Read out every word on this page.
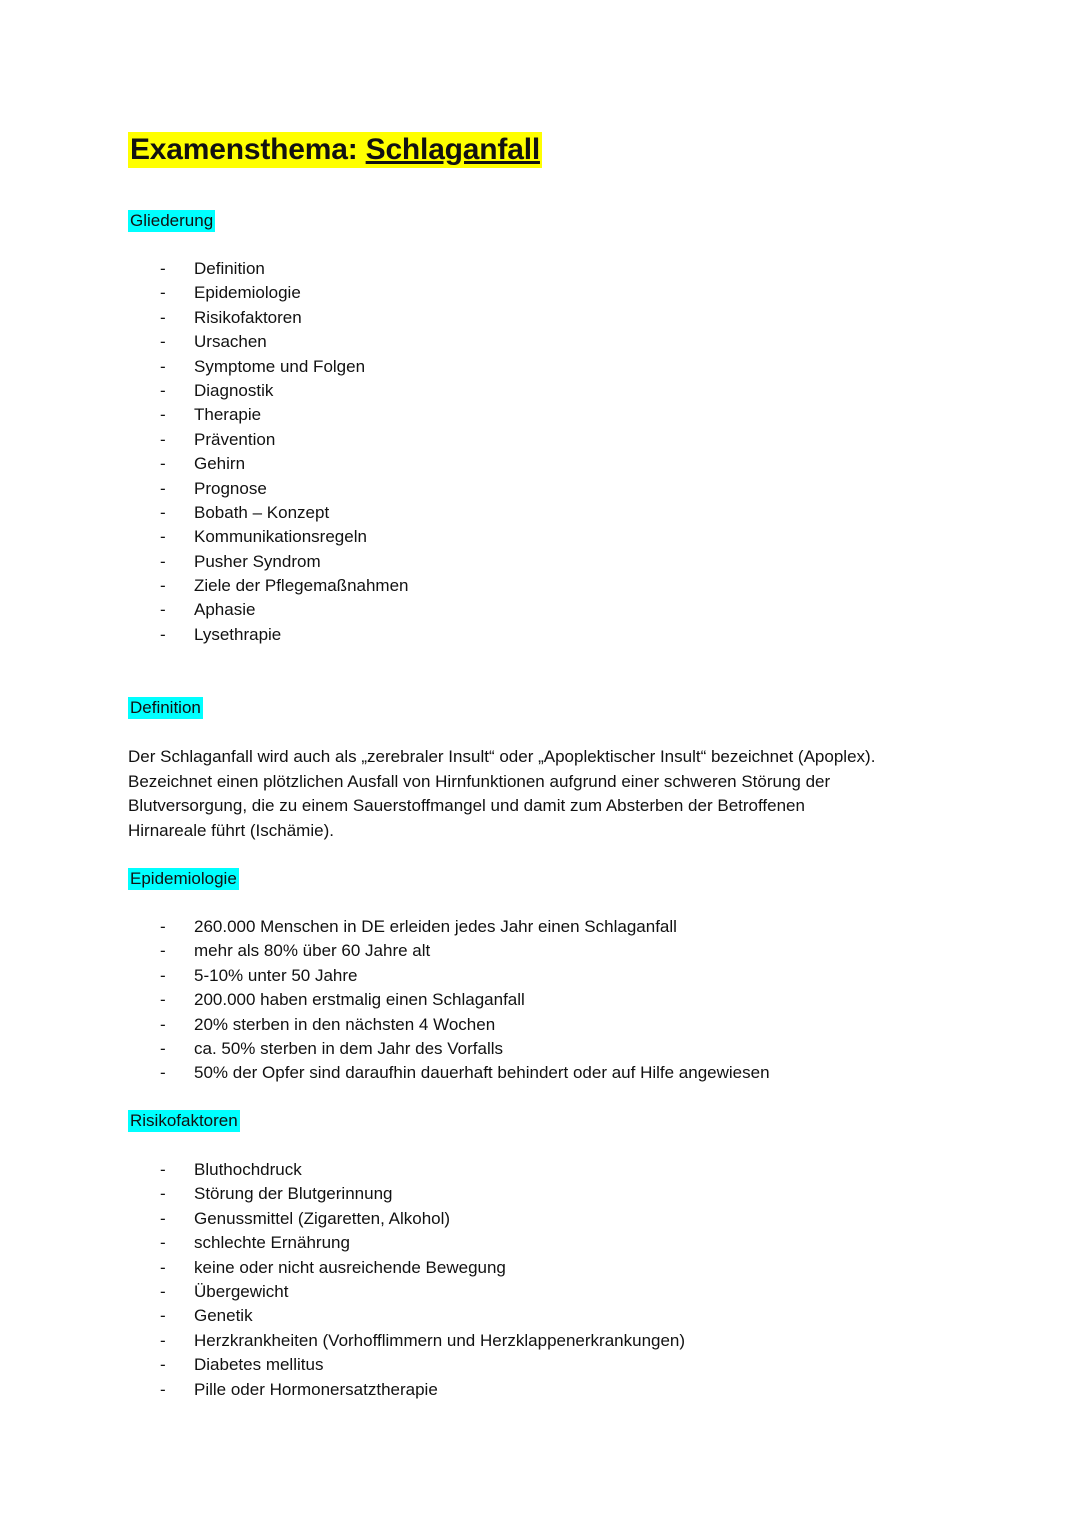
Examensthema: Schlaganfall
Gliederung
- Definition
- Epidemiologie
- Risikofaktoren
- Ursachen
- Symptome und Folgen
- Diagnostik
- Therapie
- Prävention
- Gehirn
- Prognose
- Bobath – Konzept
- Kommunikationsregeln
- Pusher Syndrom
- Ziele der Pflegemaßnahmen
- Aphasie
- Lysethrapie
Definition
Der Schlaganfall wird auch als „zerebraler Insult“ oder „Apoplektischer Insult“ bezeichnet (Apoplex).
Bezeichnet einen plötzlichen Ausfall von Hirnfunktionen aufgrund einer schweren Störung der
Blutversorgung, die zu einem Sauerstoffmangel und damit zum Absterben der Betroffenen
Hirnareale führt (Ischämie).
Epidemiologie
- 260.000 Menschen in DE erleiden jedes Jahr einen Schlaganfall
- mehr als 80% über 60 Jahre alt
- 5-10% unter 50 Jahre
- 200.000 haben erstmalig einen Schlaganfall
- 20% sterben in den nächsten 4 Wochen
- ca. 50% sterben in dem Jahr des Vorfalls
- 50% der Opfer sind daraufhin dauerhaft behindert oder auf Hilfe angewiesen
Risikofaktoren
- Bluthochdruck
- Störung der Blutgerinnung
- Genussmittel (Zigaretten, Alkohol)
- schlechte Ernährung
- keine oder nicht ausreichende Bewegung
- Übergewicht
- Genetik
- Herzkrankheiten (Vorhofflimmern und Herzklappenerkrankungen)
- Diabetes mellitus
- Pille oder Hormonersatztherapie
